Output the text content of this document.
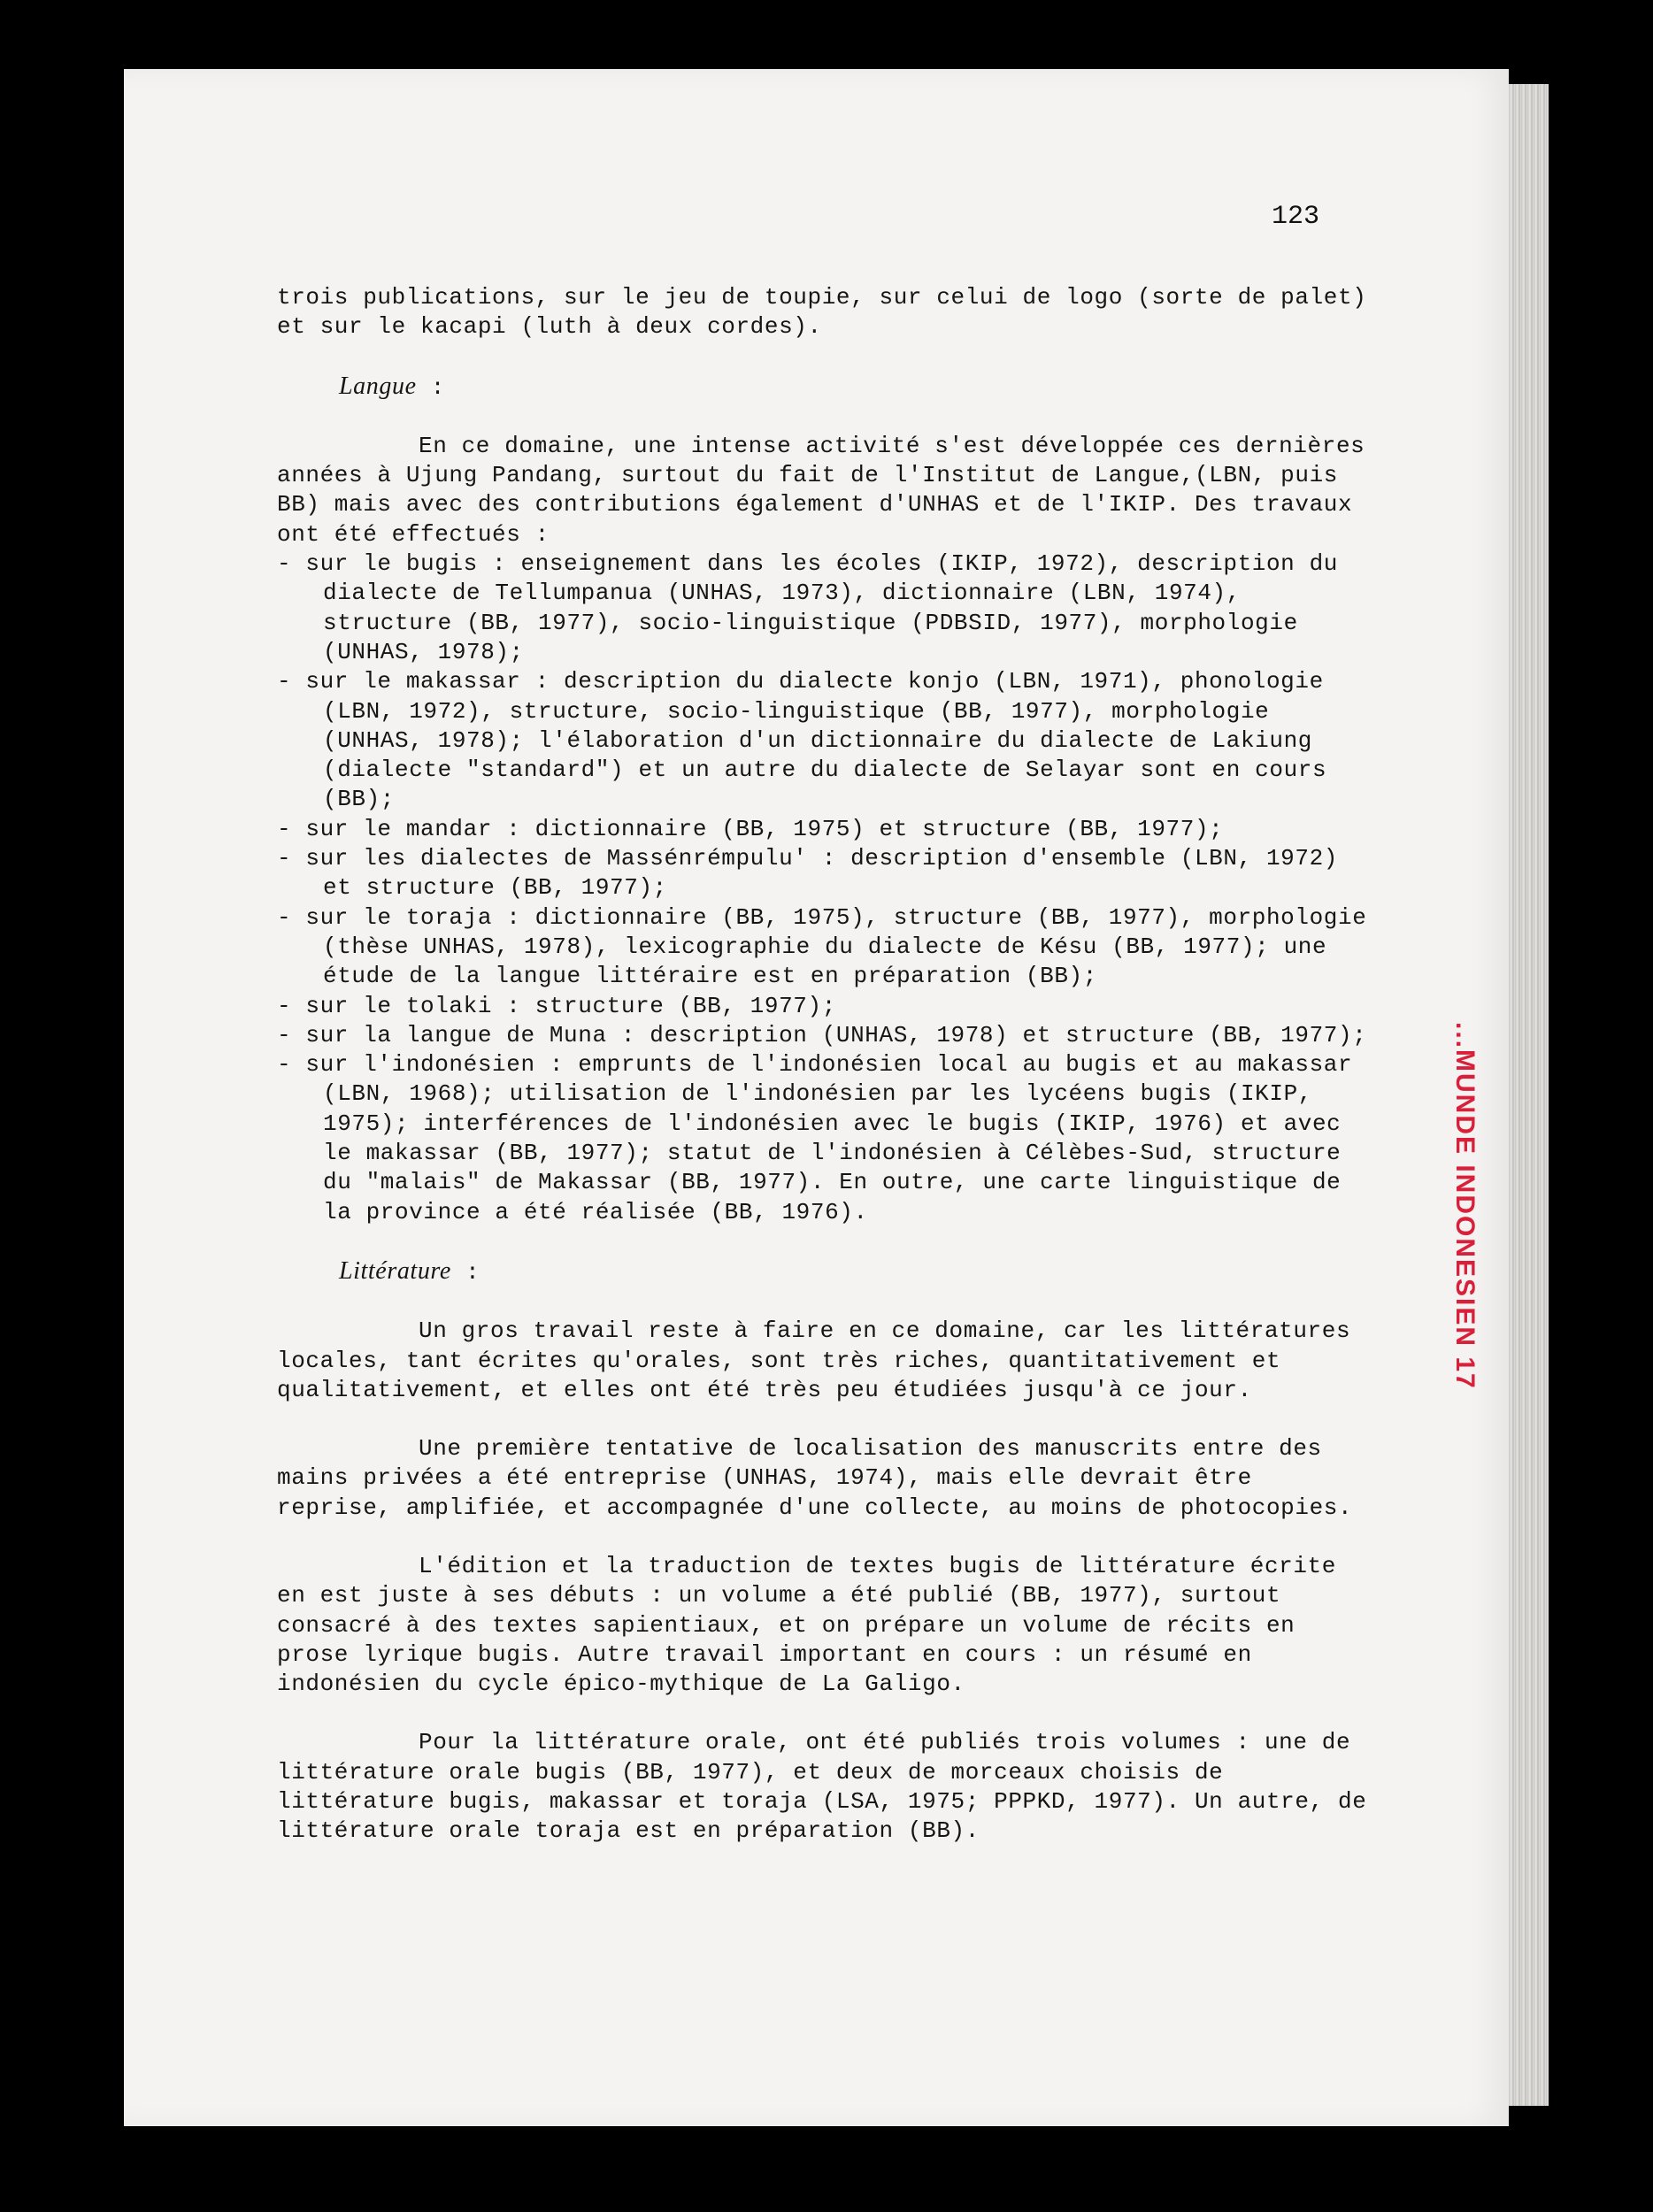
...MUNDE INDONESIEN 17
123

trois publications, sur le jeu de toupie, sur celui de logo (sorte de palet) et sur le kacapi (luth à deux cordes).

Langue :

En ce domaine, une intense activité s'est développée ces dernières années à Ujung Pandang, surtout du fait de l'Institut de Langue,(LBN, puis BB) mais avec des contributions également d'UNHAS et de l'IKIP. Des travaux ont été effectués :

- sur le bugis : enseignement dans les écoles (IKIP, 1972), description du dialecte de Tellumpanua (UNHAS, 1973), dictionnaire (LBN, 1974), structure (BB, 1977), socio-linguistique (PDBSID, 1977), morphologie (UNHAS, 1978);

- sur le makassar : description du dialecte konjo (LBN, 1971), phonologie (LBN, 1972), structure, socio-linguistique (BB, 1977), morphologie (UNHAS, 1978); l'élaboration d'un dictionnaire du dialecte de Lakiung (dialecte "standard") et un autre du dialecte de Selayar sont en cours (BB);

- sur le mandar : dictionnaire (BB, 1975) et structure (BB, 1977);

- sur les dialectes de Massénrémpulu' : description d'ensemble (LBN, 1972) et structure (BB, 1977);

- sur le toraja : dictionnaire (BB, 1975), structure (BB, 1977), morphologie (thèse UNHAS, 1978), lexicographie du dialecte de Késu (BB, 1977); une étude de la langue littéraire est en préparation (BB);

- sur le tolaki : structure (BB, 1977);

- sur la langue de Muna : description (UNHAS, 1978) et structure (BB, 1977);

- sur l'indonésien : emprunts de l'indonésien local au bugis et au makassar (LBN, 1968); utilisation de l'indonésien par les lycéens bugis (IKIP, 1975); interférences de l'indonésien avec le bugis (IKIP, 1976) et avec le makassar (BB, 1977); statut de l'indonésien à Célèbes-Sud, structure du "malais" de Makassar (BB, 1977). En outre, une carte linguistique de la province a été réalisée (BB, 1976).

Littérature :

Un gros travail reste à faire en ce domaine, car les littératures locales, tant écrites qu'orales, sont très riches, quantitativement et qualitativement, et elles ont été très peu étudiées jusqu'à ce jour.

Une première tentative de localisation des manuscrits entre des mains privées a été entreprise (UNHAS, 1974), mais elle devrait être reprise, amplifiée, et accompagnée d'une collecte, au moins de photocopies.

L'édition et la traduction de textes bugis de littérature écrite en est juste à ses débuts : un volume a été publié (BB, 1977), surtout consacré à des textes sapientiaux, et on prépare un volume de récits en prose lyrique bugis. Autre travail important en cours : un résumé en indonésien du cycle épico-mythique de La Galigo.

Pour la littérature orale, ont été publiés trois volumes : une de littérature orale bugis (BB, 1977), et deux de morceaux choisis de littérature bugis, makassar et toraja (LSA, 1975; PPPKD, 1977). Un autre, de littérature orale toraja est en préparation (BB).
